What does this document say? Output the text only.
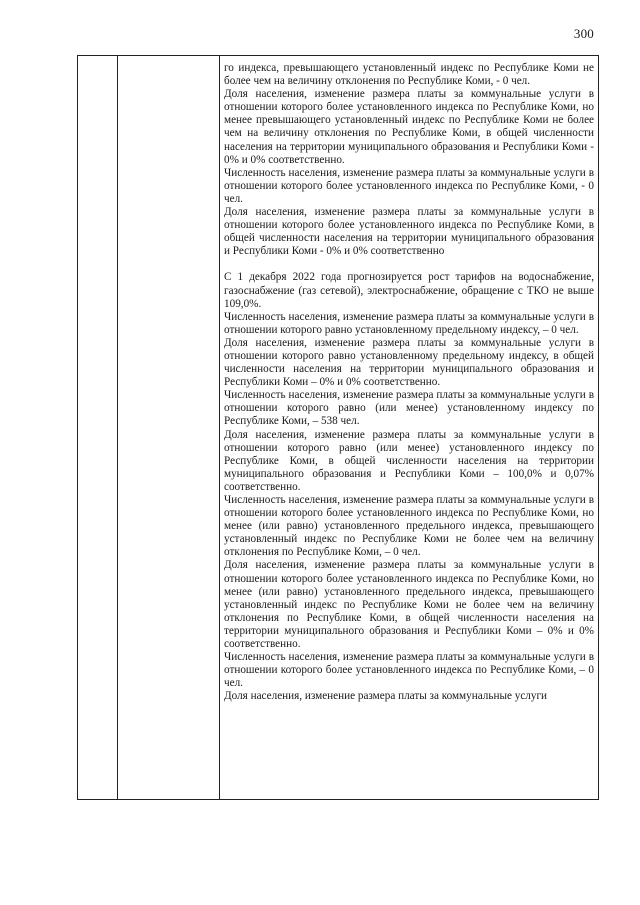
300

го индекса, превышающего установленный индекс по Республике Коми не более чем на величину отклонения по Республике Коми, - 0 чел.

Доля населения, изменение размера платы за коммунальные услуги в отношении которого более установленного индекса по Республике Коми, но менее превышающего установленный индекс по Республике Коми не более чем на величину отклонения по Республике Коми, в общей численности населения на территории муниципального образования и Республики Коми - 0% и 0% соответственно.

Численность населения, изменение размера платы за коммунальные услуги в отношении которого более установленного индекса по Республике Коми, - 0 чел.

Доля населения, изменение размера платы за коммунальные услуги в отношении которого более установленного индекса по Республике Коми, в общей численности населения на территории муниципального образования и Республики Коми - 0% и 0% соответственно

С 1 декабря 2022 года прогнозируется рост тарифов на водоснабжение, газоснабжение (газ сетевой), электроснабжение, обращение с ТКО не выше 109,0%.

Численность населения, изменение размера платы за коммунальные услуги в отношении которого равно установленному предельному индексу, – 0 чел.

Доля населения, изменение размера платы за коммунальные услуги в отношении которого равно установленному предельному индексу, в общей численности населения на территории муниципального образования и Республики Коми – 0% и 0% соответственно.

Численность населения, изменение размера платы за коммунальные услуги в отношении которого равно (или менее) установленному индексу по Республике Коми, – 538 чел.

Доля населения, изменение размера платы за коммунальные услуги в отношении которого равно (или менее) установленного индексу по Республике Коми, в общей численности населения на территории муниципального образования и Республики Коми – 100,0% и 0,07% соответственно.

Численность населения, изменение размера платы за коммунальные услуги в отношении которого более установленного индекса по Республике Коми, но менее (или равно) установленного предельного индекса, превышающего установленный индекс по Республике Коми не более чем на величину отклонения по Республике Коми, – 0 чел.

Доля населения, изменение размера платы за коммунальные услуги в отношении которого более установленного индекса по Республике Коми, но менее (или равно) установленного предельного индекса, превышающего установленный индекс по Республике Коми не более чем на величину отклонения по Республике Коми, в общей численности населения на территории муниципального образования и Республики Коми – 0% и 0% соответственно.

Численность населения, изменение размера платы за коммунальные услуги в отношении которого более установленного индекса по Республике Коми, – 0 чел.

Доля населения, изменение размера платы за коммунальные услуги
